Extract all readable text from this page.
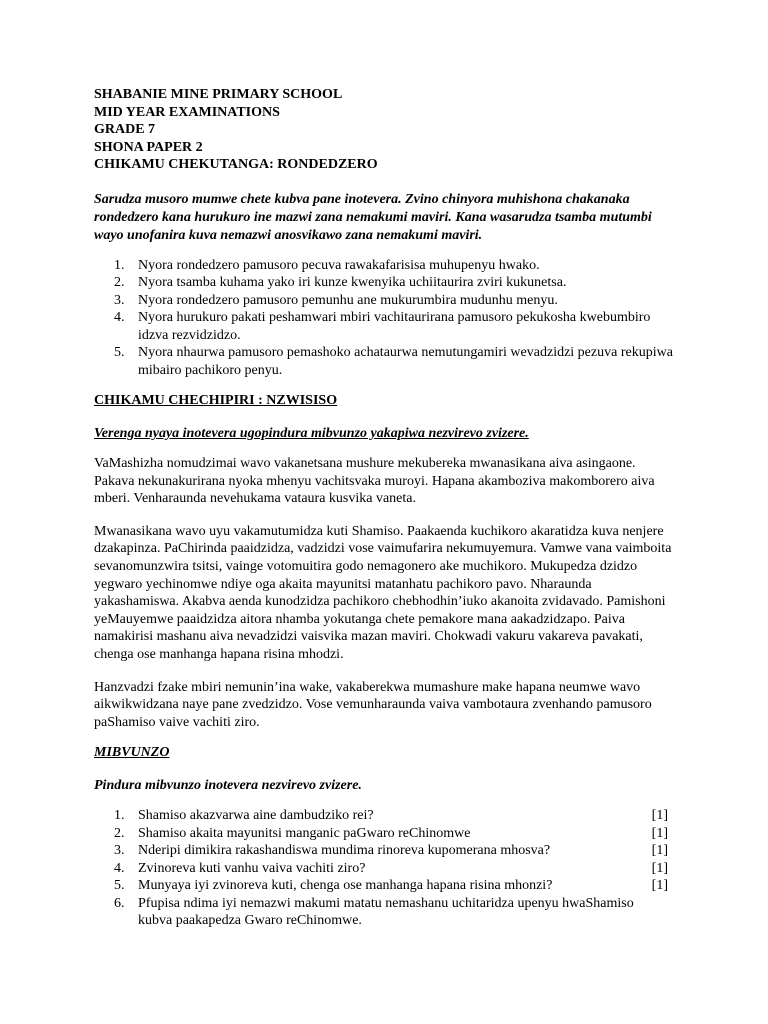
SHABANIE MINE PRIMARY SCHOOL

MID YEAR EXAMINATIONS

GRADE 7

SHONA PAPER 2

CHIKAMU CHEKUTANGA: RONDEDZERO

Sarudza musoro mumwe chete kubva pane inotevera. Zvino chinyora muhishona chakanaka rondedzero kana hurukuro ine mazwi zana nemakumi maviri. Kana wasarudza tsamba mutumbi wayo unofanira kuva nemazwi anosvikawo zana nemakumi maviri.

1. Nyora rondedzero pamusoro pecuva rawakafarisisa muhupenyu hwako.
2. Nyora tsamba kuhama yako iri kunze kwenyika uchiitaurira zviri kukunetsa.
3. Nyora rondedzero pamusoro pemunhu ane mukurumbira mudunhu menyu.
4. Nyora hurukuro pakati peshamwari mbiri vachitaurirana pamusoro pekukosha kwebumbiro idzva rezvidzidzo.
5. Nyora nhaurwa pamusoro pemashoko achataurwa nemutungamiri wevadzidzi pezuva rekupiwa mibairo pachikoro penyu.

CHIKAMU CHECHIPIRI : NZWISISO

Verenga nyaya inotevera ugopindura mibvunzo yakapiwa nezvirevo zvizere.

VaMashizha nomudzimai wavo vakanetsana mushure mekubereka mwanasikana aiva asingaone. Pakava nekunakurirana nyoka mhenyu vachitsvaka muroyi. Hapana akamboziva makomborero aiva mberi. Venharaunda nevehukama vataura kusvika vaneta.

Mwanasikana wavo uyu vakamutumidza kuti Shamiso. Paakaenda kuchikoro akaratidza kuva nenjere dzakapinza. PaChirinda paaidzidza, vadzidzi vose vaimufarira nekumuyemura. Vamwe vana vaimboita sevanomunzwira tsitsi, vainge votomuitira godo nemagonero ake muchikoro. Mukupedza dzidzo yegwaro yechinomwe ndiye oga akaita mayunitsi matanhatu pachikoro pavo. Nharaunda yakashamiswa. Akabva aenda kunodzidza pachikoro chebhodhin’iuko akanoita zvidavado. Pamishoni yeMauyemwe paaidzidza aitora nhamba yokutanga chete pemakore mana aakadzidzapo. Paiva namakirisi mashanu aiva nevadzidzi vaisvika mazan maviri. Chokwadi vakuru vakareva pavakati, chenga ose manhanga hapana risina mhodzi.

Hanzvadzi fzake mbiri nemunin’ina wake, vakaberekwa mumashure make hapana neumwe wavo aikwikwidzana naye pane zvedzidzo. Vose vemunharaunda vaiva vambotaura zvenhando pamusoro paShamiso vaive vachiti ziro.

MIBVUNZO

Pindura mibvunzo inotevera nezvirevo zvizere.

1. Shamiso akazvarwa aine dambudziko rei?	[1]
2. Shamiso akaita mayunitsi manganic paGwaro reChinomwe	[1]
3. Nderipi dimikira rakashandiswa mundima rinoreva kupomerana mhosva?	[1]
4. Zvinoreva kuti vanhu vaiva vachiti ziro?	[1]
5. Munyaya iyi zvinoreva kuti, chenga ose manhanga hapana risina mhonzi?	[1]
6. Pfupisa ndima iyi nemazwi makumi matatu nemashanu uchitaridza upenyu hwaShamiso kubva paakapedza Gwaro reChinomwe.
